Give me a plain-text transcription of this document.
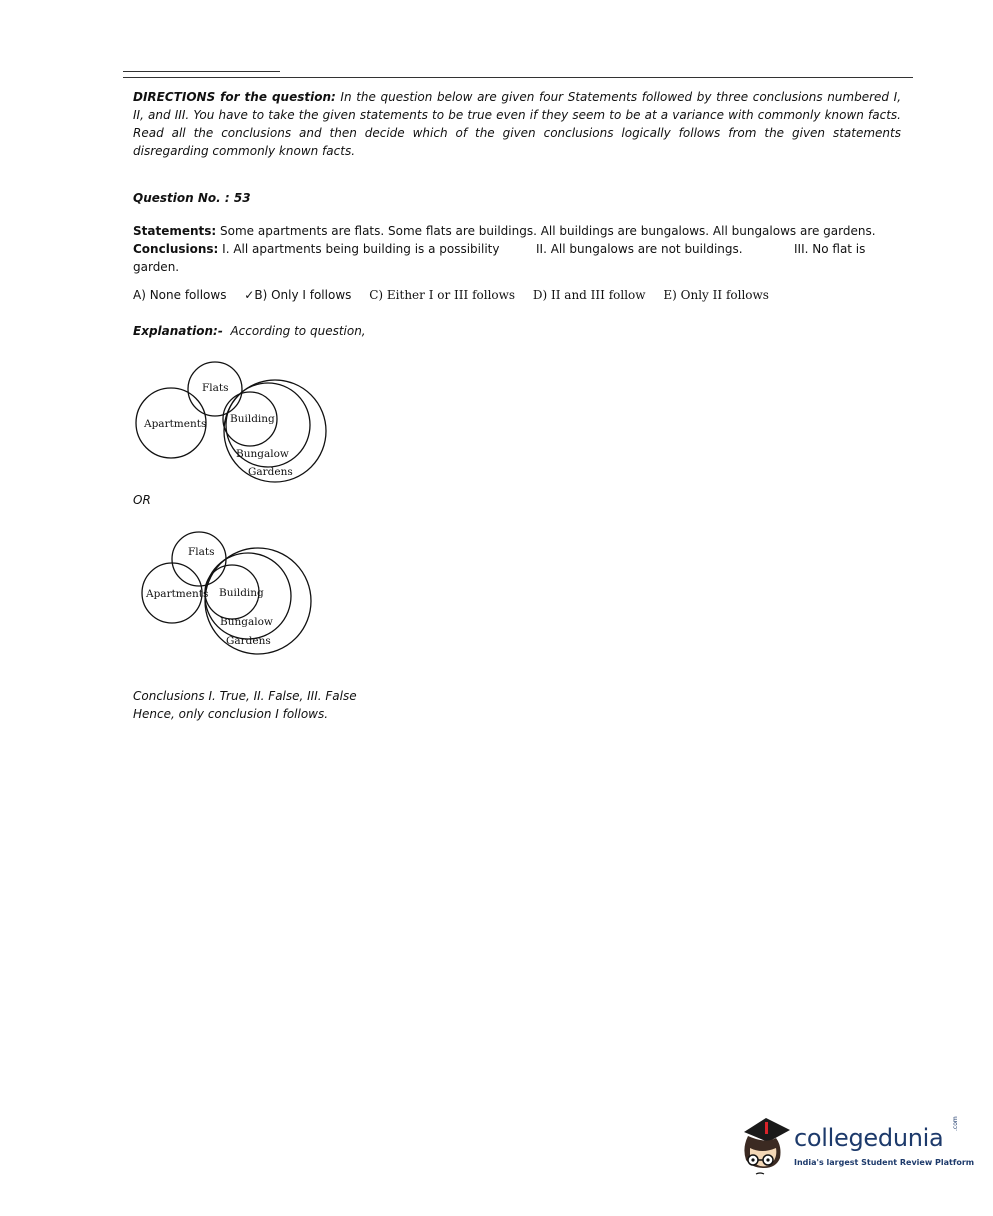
DIRECTIONS for the question: In the question below are given four Statements followed by three conclusions numbered I, II, and III. You have to take the given statements to be true even if they seem to be at a variance with commonly known facts. Read all the conclusions and then decide which of the given conclusions logically follows from the given statements disregarding commonly known facts.
Question No. : 53
Statements: Some apartments are flats. Some flats are buildings. All buildings are bungalows. All bungalows are gardens.
Conclusions: I. All apartments being building is a possibility	II. All bungalows are not buildings.	III. No flat is
garden.
A) None follows ✓B) Only I follows C) Either I or III follows D) II and III follow E) Only II follows
Explanation:- According to question,
Flats
Apartments Building
Bungalow
Gardens
OR
Flats
Apartments Building
Bungalow
Gardens
Conclusions I. True, II. False, III. False
Hence, only conclusion I follows.
collegedunia
.com
India's largest Student Review Platform
